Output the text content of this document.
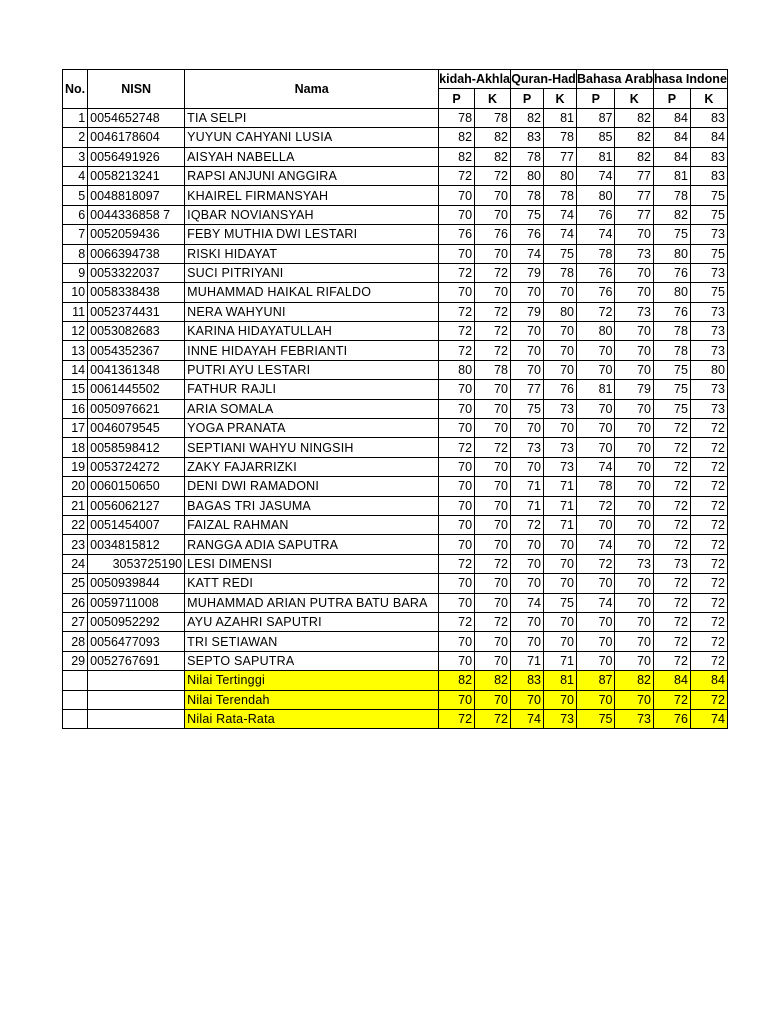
No.	NISN	Nama	kidah-Akhla		Quran-Had		Bahasa Arab		hasa Indone	
			P	K	P	K	P	K	P	K
1	0054652748	TIA SELPI	78	78	82	81	87	82	84	83
2	0046178604	YUYUN CAHYANI LUSIA	82	82	83	78	85	82	84	84
3	0056491926	AISYAH NABELLA	82	82	78	77	81	82	84	83
4	0058213241	RAPSI ANJUNI ANGGIRA	72	72	80	80	74	77	81	83
5	0048818097	KHAIREL FIRMANSYAH	70	70	78	78	80	77	78	75
6	0044336858 7	IQBAR NOVIANSYAH	70	70	75	74	76	77	82	75
7	0052059436	FEBY MUTHIA DWI LESTARI	76	76	76	74	74	70	75	73
8	0066394738	RISKI HIDAYAT	70	70	74	75	78	73	80	75
9	0053322037	SUCI PITRIYANI	72	72	79	78	76	70	76	73
10	0058338438	MUHAMMAD HAIKAL RIFALDO	70	70	70	70	76	70	80	75
11	0052374431	NERA WAHYUNI	72	72	79	80	72	73	76	73
12	0053082683	KARINA HIDAYATULLAH	72	72	70	70	80	70	78	73
13	0054352367	INNE HIDAYAH FEBRIANTI	72	72	70	70	70	70	78	73
14	0041361348	PUTRI AYU LESTARI	80	78	70	70	70	70	75	80
15	0061445502	FATHUR RAJLI	70	70	77	76	81	79	75	73
16	0050976621	ARIA SOMALA	70	70	75	73	70	70	75	73
17	0046079545	YOGA PRANATA	70	70	70	70	70	70	72	72
18	0058598412	SEPTIANI WAHYU NINGSIH	72	72	73	73	70	70	72	72
19	0053724272	ZAKY FAJARRIZKI	70	70	70	73	74	70	72	72
20	0060150650	DENI DWI RAMADONI	70	70	71	71	78	70	72	72
21	0056062127	BAGAS TRI JASUMA	70	70	71	71	72	70	72	72
22	0051454007	FAIZAL RAHMAN	70	70	72	71	70	70	72	72
23	0034815812	RANGGA ADIA SAPUTRA	70	70	70	70	74	70	72	72
24	3053725190	LESI DIMENSI	72	72	70	70	72	73	73	72
25	0050939844	KATT REDI	70	70	70	70	70	70	72	72
26	0059711008	MUHAMMAD ARIAN PUTRA BATU BARA	70	70	74	75	74	70	72	72
27	0050952292	AYU AZAHRI SAPUTRI	72	72	70	70	70	70	72	72
28	0056477093	TRI SETIAWAN	70	70	70	70	70	70	72	72
29	0052767691	SEPTO SAPUTRA	70	70	71	71	70	70	72	72
		Nilai Tertinggi	82	82	83	81	87	82	84	84
		Nilai Terendah	70	70	70	70	70	70	72	72
		Nilai Rata-Rata	72	72	74	73	75	73	76	74
